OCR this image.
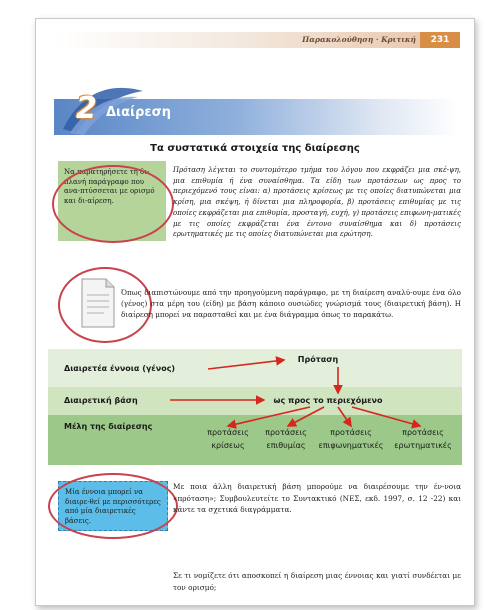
Παρακολούθηση · Κριτική	231
2 Διαίρεση
Τα συστατικά στοιχεία της διαίρεσης
Να παρατηρήσετε τη δι-πλανή παράγραφο που ανα-πτύσσεται με ορισμό και δι-αίρεση.
Πρόταση λέγεται το συντομότερο τμήμα του λόγου που εκφράζει μια σκέ-ψη, μια επιθυμία ή ένα συναίσθημα. Τα είδη των προτάσεων ως προς το περιεχόμενό τους είναι: α) προτάσεις κρίσεως με τις οποίες διατυπώνεται μια κρίση, μια σκέψη, ή δίνεται μια πληροφορία, β) προτάσεις επιθυμίας με τις οποίες εκφράζεται μια επιθυμία, προσταγή, ευχή, γ) προτάσεις επιφωνη-ματικές με τις οποίες εκφράζεται ένα έντονο συναίσθημα και δ) προτάσεις ερωτηματικές με τις οποίες διατυπώνεται μια ερώτηση.
Όπως διαπιστώνουμε από την προηγούμενη παράγραφο, με τη διαίρεση αναλύ-ουμε ένα όλο (γένος) στα μέρη του (είδη) με βάση κάποιο ουσιώδες γνώρισμά τους (διαιρετική βάση). Η διαίρεση μπορεί να παρασταθεί και με ένα διάγραμμα όπως το παρακάτω.
Διαιρετέα έννοια (γένος)
Διαιρετική βάση
Μέλη της διαίρεσης
Πρόταση
ως προς το περιεχόμενο
προτάσεις
κρίσεως
προτάσεις
επιθυμίας
προτάσεις
επιφωνηματικές
προτάσεις
ερωτηματικές
Μία έννοια μπορεί να διαιρε-θεί με περισσότερες από μία διαιρετικές βάσεις.
Με ποια άλλη διαιρετική βάση μπορούμε να διαιρέσουμε την έν-νοια «πρόταση»; Συμβουλευτείτε το Συντακτικό (ΝΕΣ, εκδ. 1997, σ. 12 -22) και κάντε τα σχετικά διαγράμματα.
Σε τι νομίζετε ότι αποσκοπεί η διαίρεση μιας έννοιας και γιατί συνδέεται με τον ορισμό;
